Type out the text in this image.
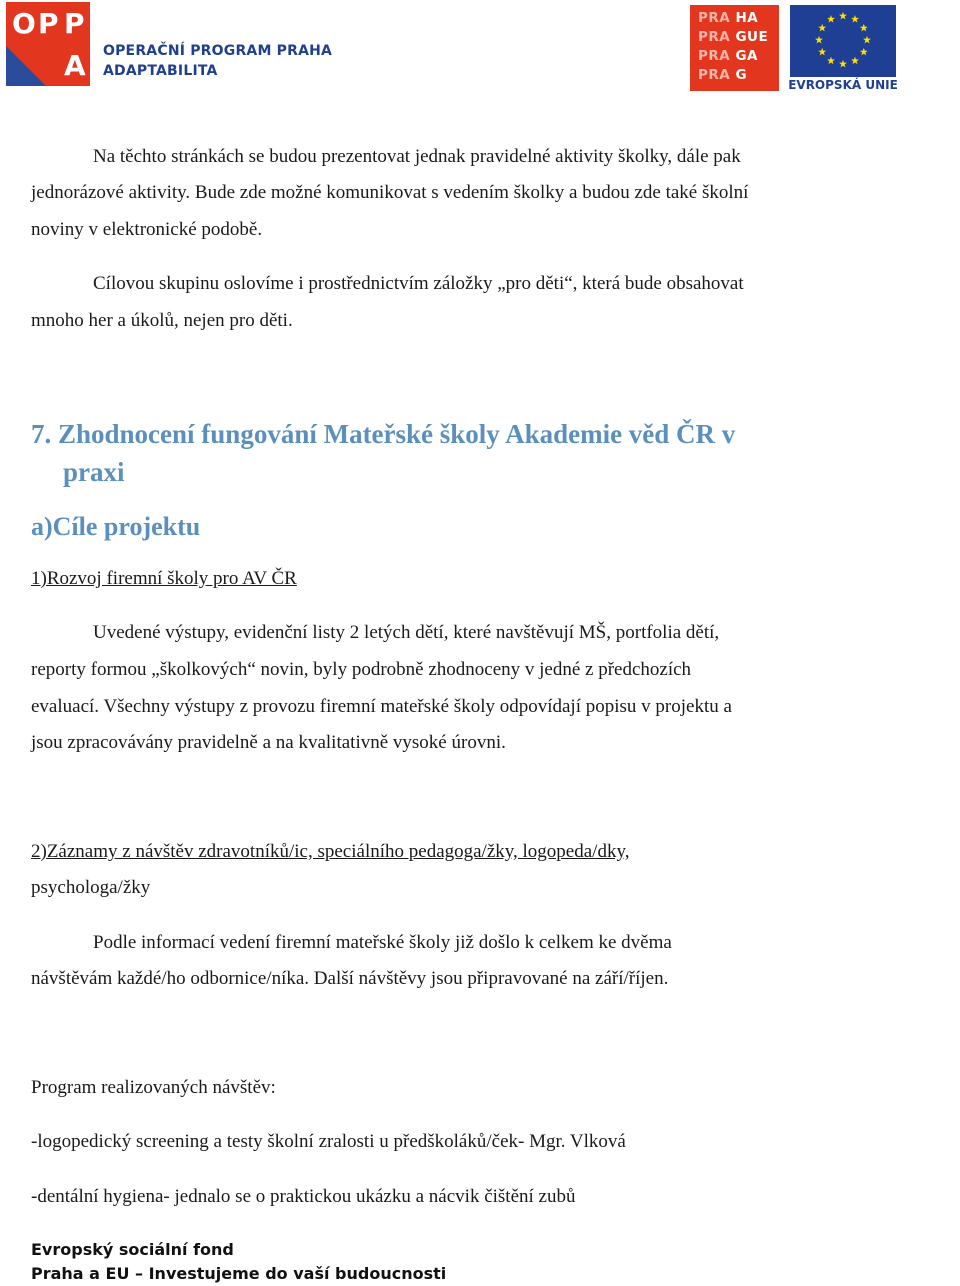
O P P
A OPERAČNÍ PROGRAM PRAHA
ADAPTABILITA
PRA HA
PRA GUE
PRA GA
PRA G
EVROPSKÁ UNIE

Na těchto stránkách se budou prezentovat jednak pravidelné aktivity školky, dále pak

jednorázové aktivity. Bude zde možné komunikovat s vedením školky a budou zde také školní

noviny v elektronické podobě.

Cílovou skupinu oslovíme i prostřednictvím záložky „pro děti“, která bude obsahovat

mnoho her a úkolů, nejen pro děti.

7. Zhodnocení fungování Mateřské školy Akademie věd ČR v

praxi

a)Cíle projektu

1)Rozvoj firemní školy pro AV ČR

Uvedené výstupy, evidenční listy 2 letých dětí, které navštěvují MŠ, portfolia dětí,

reporty formou „školkových“ novin, byly podrobně zhodnoceny v jedné z předchozích

evaluací. Všechny výstupy z provozu firemní mateřské školy odpovídají popisu v projektu a

jsou zpracovávány pravidelně a na kvalitativně vysoké úrovni.

2)Záznamy z návštěv zdravotníků/ic, speciálního pedagoga/žky, logopeda/dky,

psychologa/žky

Podle informací vedení firemní mateřské školy již došlo k celkem ke dvěma

návštěvám každé/ho odbornice/níka. Další návštěvy jsou připravované na září/říjen.

Program realizovaných návštěv:

-logopedický screening a testy školní zralosti u předškoláků/ček- Mgr. Vlková

-dentální hygiena- jednalo se o praktickou ukázku a nácvik čištění zubů

Evropský sociální fond

Praha a EU – Investujeme do vaší budoucnosti
